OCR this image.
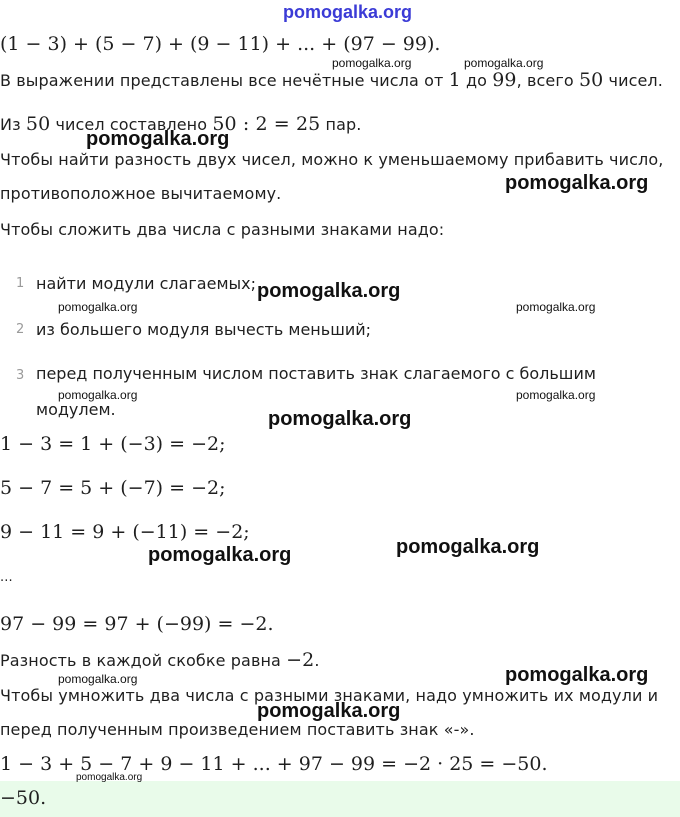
pomogalka.org
(1 − 3) + (5 − 7) + (9 − 11) + ... + (97 − 99).
В выражении представлены все нечётные числа от 1 до 99, всего 50 чисел.
Из 50 чисел составлено 50 : 2 = 25 пар.
Чтобы найти разность двух чисел, можно к уменьшаемому прибавить число,
противоположное вычитаемому.
Чтобы сложить два числа с разными знаками надо:
1 найти модули слагаемых;
2 из большего модуля вычесть меньший;
3 перед полученным числом поставить знак слагаемого с большим
модулем.
1 − 3 = 1 + (−3) = −2;
5 − 7 = 5 + (−7) = −2;
9 − 11 = 9 + (−11) = −2;
...
97 − 99 = 97 + (−99) = −2.
Разность в каждой скобке равна −2.
Чтобы умножить два числа с разными знаками, надо умножить их модули и
перед полученным произведением поставить знак «-».
1 − 3 + 5 − 7 + 9 − 11 + ... + 97 − 99 = −2 · 25 = −50.
−50.
pomogalka.org	pomogalka.org
pomogalka.org
pomogalka.org
pomogalka.org
pomogalka.org	pomogalka.org
pomogalka.org	pomogalka.org
pomogalka.org
pomogalka.org
pomogalka.org
pomogalka.org
pomogalka.org
pomogalka.org
pomogalka.org
